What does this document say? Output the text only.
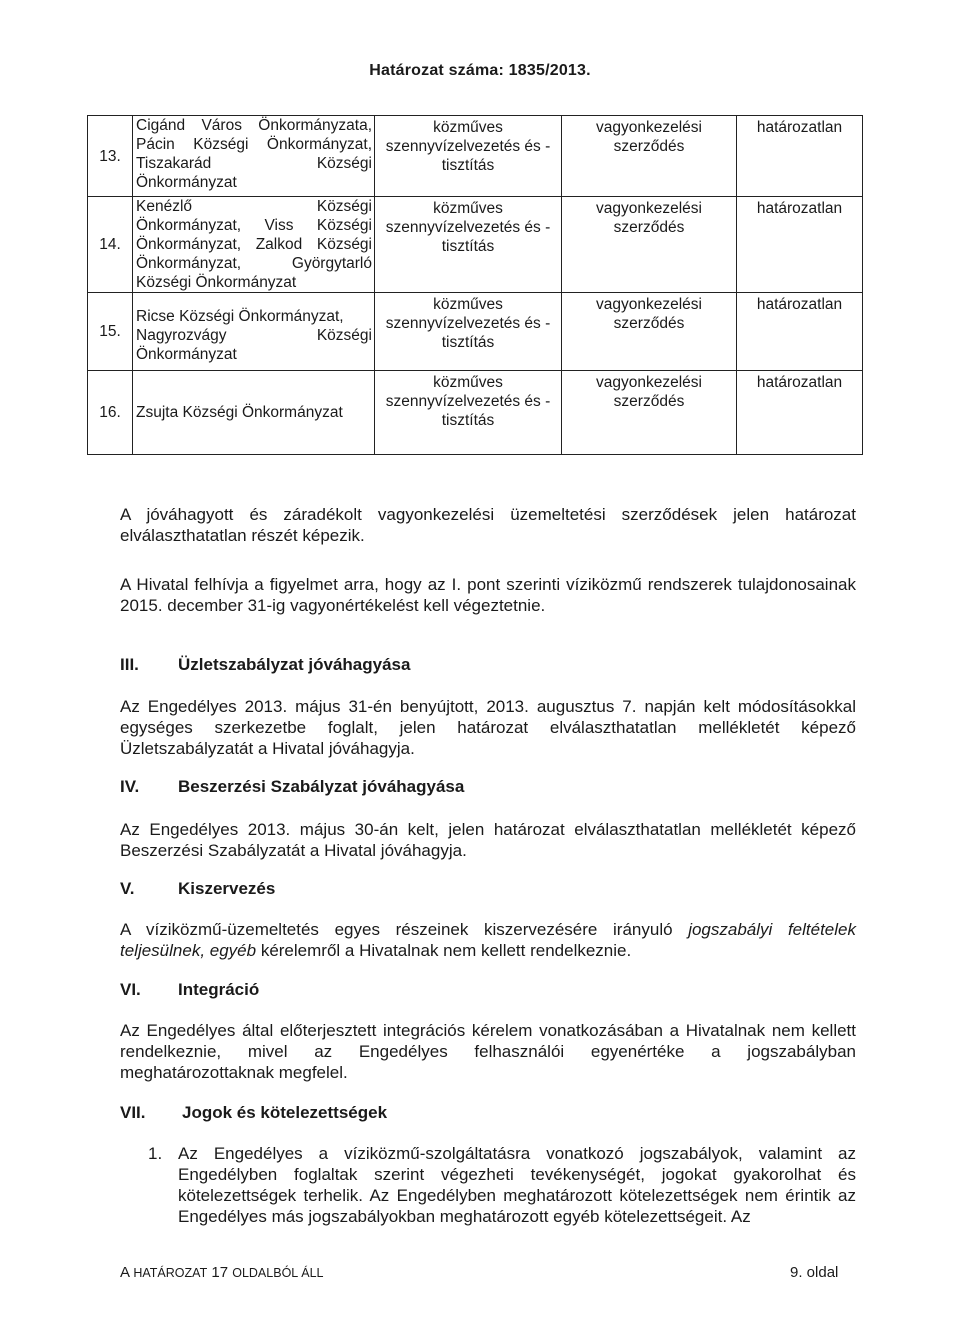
Határozat száma: 1835/2013.
13.	Cigánd Város Önkormányzata,
Pácin Községi Önkormányzat,
Tiszakarád Községi
Önkormányzat	közműves szennyvízelvezetés és - tisztítás	vagyonkezelési szerződés	határozatlan
14.	Kenézlő Községi
Önkormányzat, Viss Községi
Önkormányzat, Zalkod Községi
Önkormányzat, Györgytarló
Községi Önkormányzat	közműves szennyvízelvezetés és - tisztítás	vagyonkezelési szerződés	határozatlan
15.	Ricse Községi Önkormányzat,
Nagyrozvágy Községi
Önkormányzat	közműves szennyvízelvezetés és - tisztítás	vagyonkezelési szerződés	határozatlan
16.	Zsujta Községi Önkormányzat	közműves szennyvízelvezetés és - tisztítás	vagyonkezelési szerződés	határozatlan
A jóváhagyott és záradékolt vagyonkezelési üzemeltetési szerződések jelen határozat elválaszthatatlan részét képezik.
A Hivatal felhívja a figyelmet arra, hogy az I. pont szerinti víziközmű rendszerek tulajdonosainak 2015. december 31-ig vagyonértékelést kell végeztetnie.
III. Üzletszabályzat jóváhagyása
Az Engedélyes 2013. május 31-én benyújtott, 2013. augusztus 7. napján kelt módosításokkal egységes szerkezetbe foglalt, jelen határozat elválaszthatatlan mellékletét képező Üzletszabályzatát a Hivatal jóváhagyja.
IV. Beszerzési Szabályzat jóváhagyása
Az Engedélyes 2013. május 30-án kelt, jelen határozat elválaszthatatlan mellékletét képező Beszerzési Szabályzatát a Hivatal jóváhagyja.
V.	Kiszervezés
A víziközmű-üzemeltetés egyes részeinek kiszervezésére irányuló jogszabályi feltételek teljesülnek, egyéb kérelemről a Hivatalnak nem kellett rendelkeznie.
VI. Integráció
Az Engedélyes által előterjesztett integrációs kérelem vonatkozásában a Hivatalnak nem kellett rendelkeznie, mivel az Engedélyes felhasználói egyenértéke a jogszabályban meghatározottaknak megfelel.
VII. Jogok és kötelezettségek
1. Az Engedélyes a víziközmű-szolgáltatásra vonatkozó jogszabályok, valamint az Engedélyben foglaltak szerint végezheti tevékenységét, jogokat gyakorolhat és kötelezettségek terhelik. Az Engedélyben meghatározott kötelezettségek nem érintik az Engedélyes más jogszabályokban meghatározott egyéb kötelezettségeit. Az
A HATÁROZAT 17 OLDALBÓL ÁLL	9. oldal
